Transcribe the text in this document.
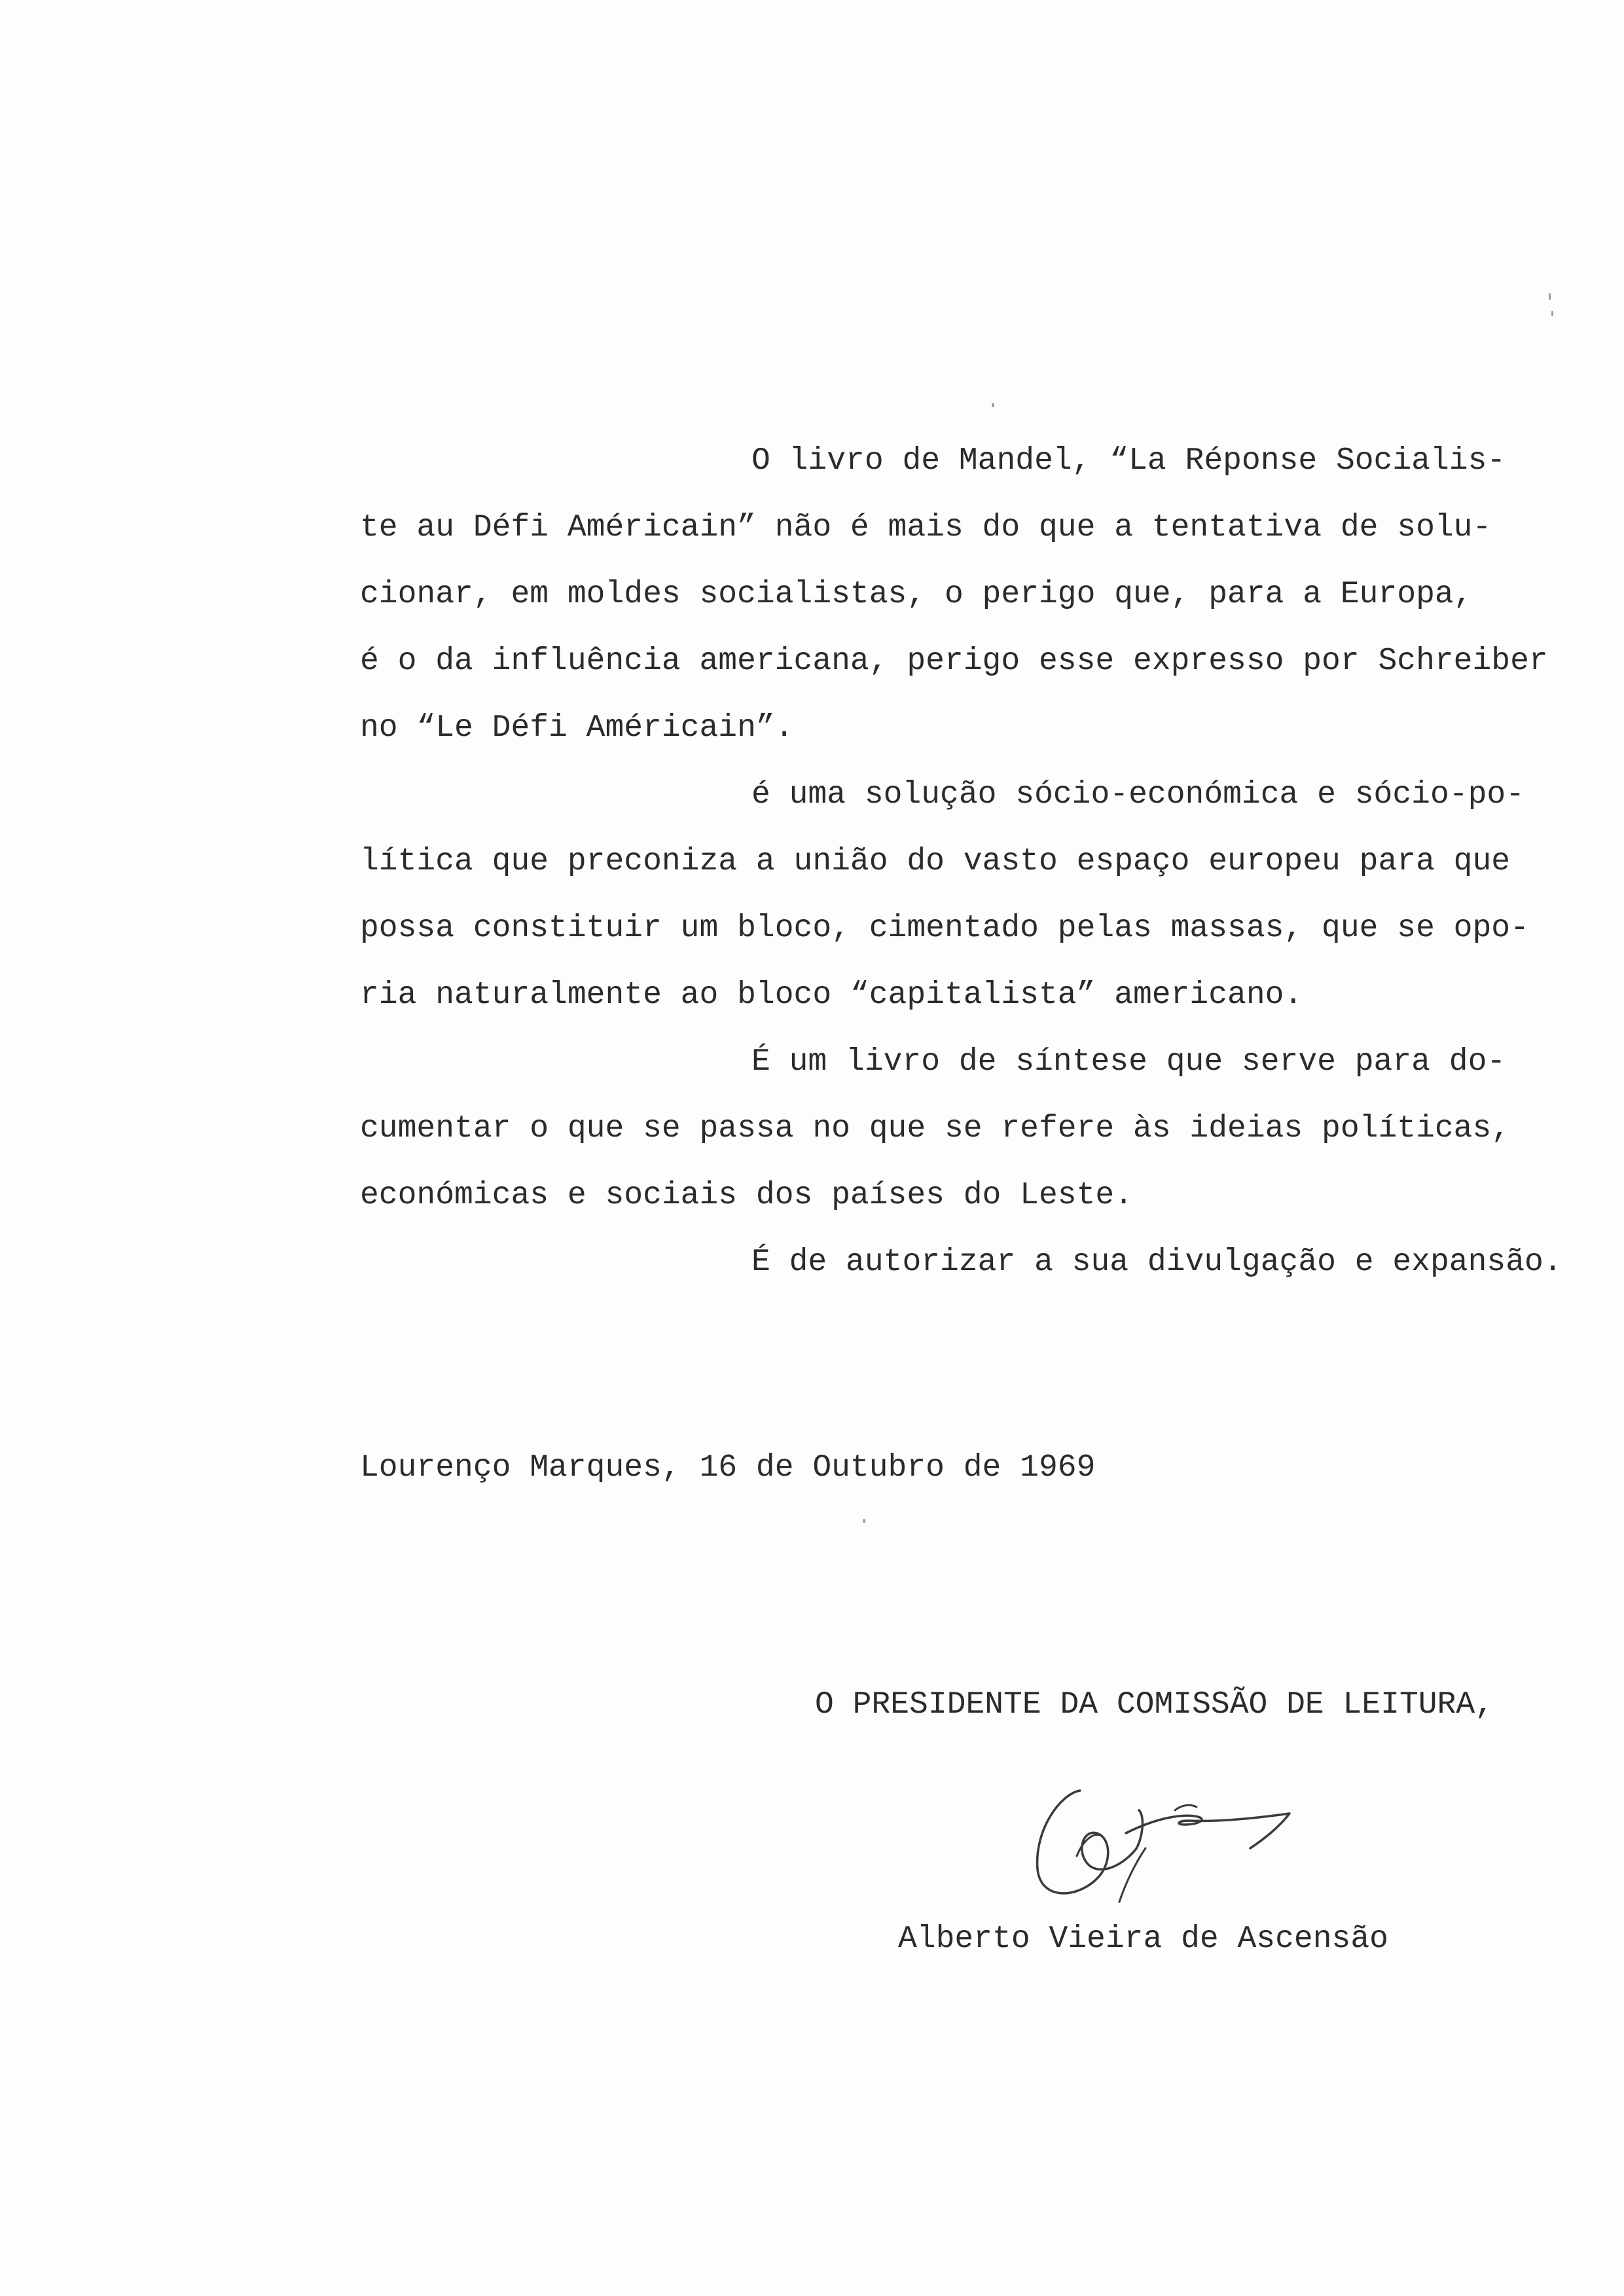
O livro de Mandel, “La Réponse Socialis-
te au Défi Américain” não é mais do que a tentativa de solu-
cionar, em moldes socialistas, o perigo que, para a Europa,
é o da influência americana, perigo esse expresso por Schreiber
no “Le Défi Américain”.
é uma solução sócio-económica e sócio-po-
lítica que preconiza a união do vasto espaço europeu para que
possa constituir um bloco, cimentado pelas massas, que se opo-
ria naturalmente ao bloco “capitalista” americano.
É um livro de síntese que serve para do-
cumentar o que se passa no que se refere às ideias políticas,
económicas e sociais dos países do Leste.
É de autorizar a sua divulgação e expansão.
Lourenço Marques, 16 de Outubro de 1969
O PRESIDENTE DA COMISSÃO DE LEITURA,
Alberto Vieira de Ascensão
